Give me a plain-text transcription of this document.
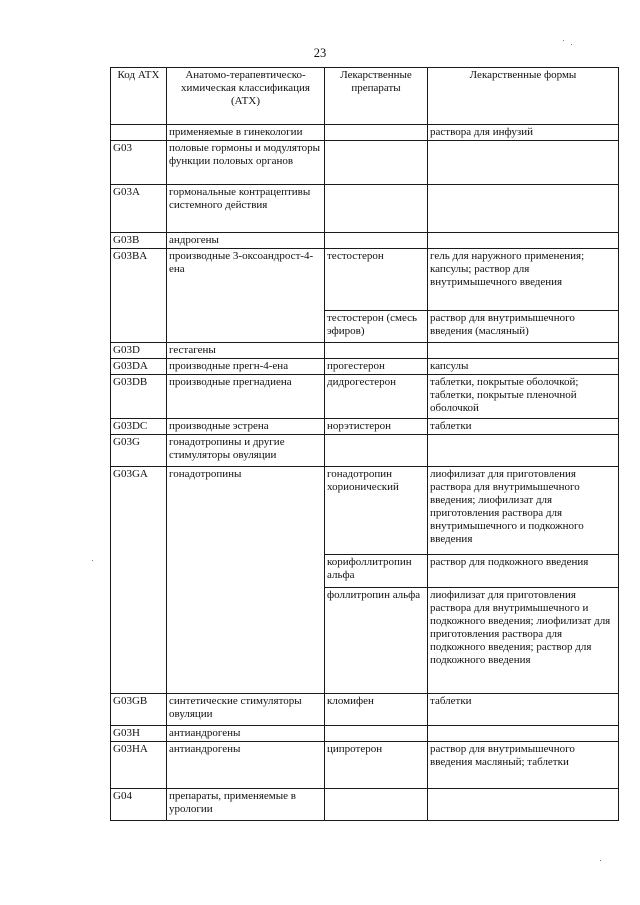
23
Код АТХ	Анатомо-терапевтическо-химическая классификация (АТХ)	Лекарственные препараты	Лекарственные формы
	применяемые в гинекологии		раствора для инфузий
G03	половые гормоны и модуляторы функции половых органов		
G03A	гормональные контрацептивы системного действия		
G03B	андрогены		
G03BA	производные 3-оксоандрост-4-ена	тестостерон	гель для наружного применения; капсулы; раствор для внутримышечного введения
		тестостерон (смесь эфиров)	раствор для внутримышечного введения (масляный)
G03D	гестагены		
G03DA	производные прегн-4-ена	прогестерон	капсулы
G03DB	производные прегнадиена	дидрогестерон	таблетки, покрытые оболочкой; таблетки, покрытые пленочной оболочкой
G03DC	производные эстрена	норэтистерон	таблетки
G03G	гонадотропины и другие стимуляторы овуляции		
G03GA	гонадотропины	гонадотропин хорионический	лиофилизат для приготовления раствора для внутримышечного введения; лиофилизат для приготовления раствора для внутримышечного и подкожного введения
		корифоллитропин альфа	раствор для подкожного введения
		фоллитропин альфа	лиофилизат для приготовления раствора для внутримышечного и подкожного введения; лиофилизат для приготовления раствора для подкожного введения; раствор для подкожного введения
G03GB	синтетические стимуляторы овуляции	кломифен	таблетки
G03H	антиандрогены		
G03HA	антиандрогены	ципротерон	раствор для внутримышечного введения масляный; таблетки
G04	препараты, применяемые в урологии		
